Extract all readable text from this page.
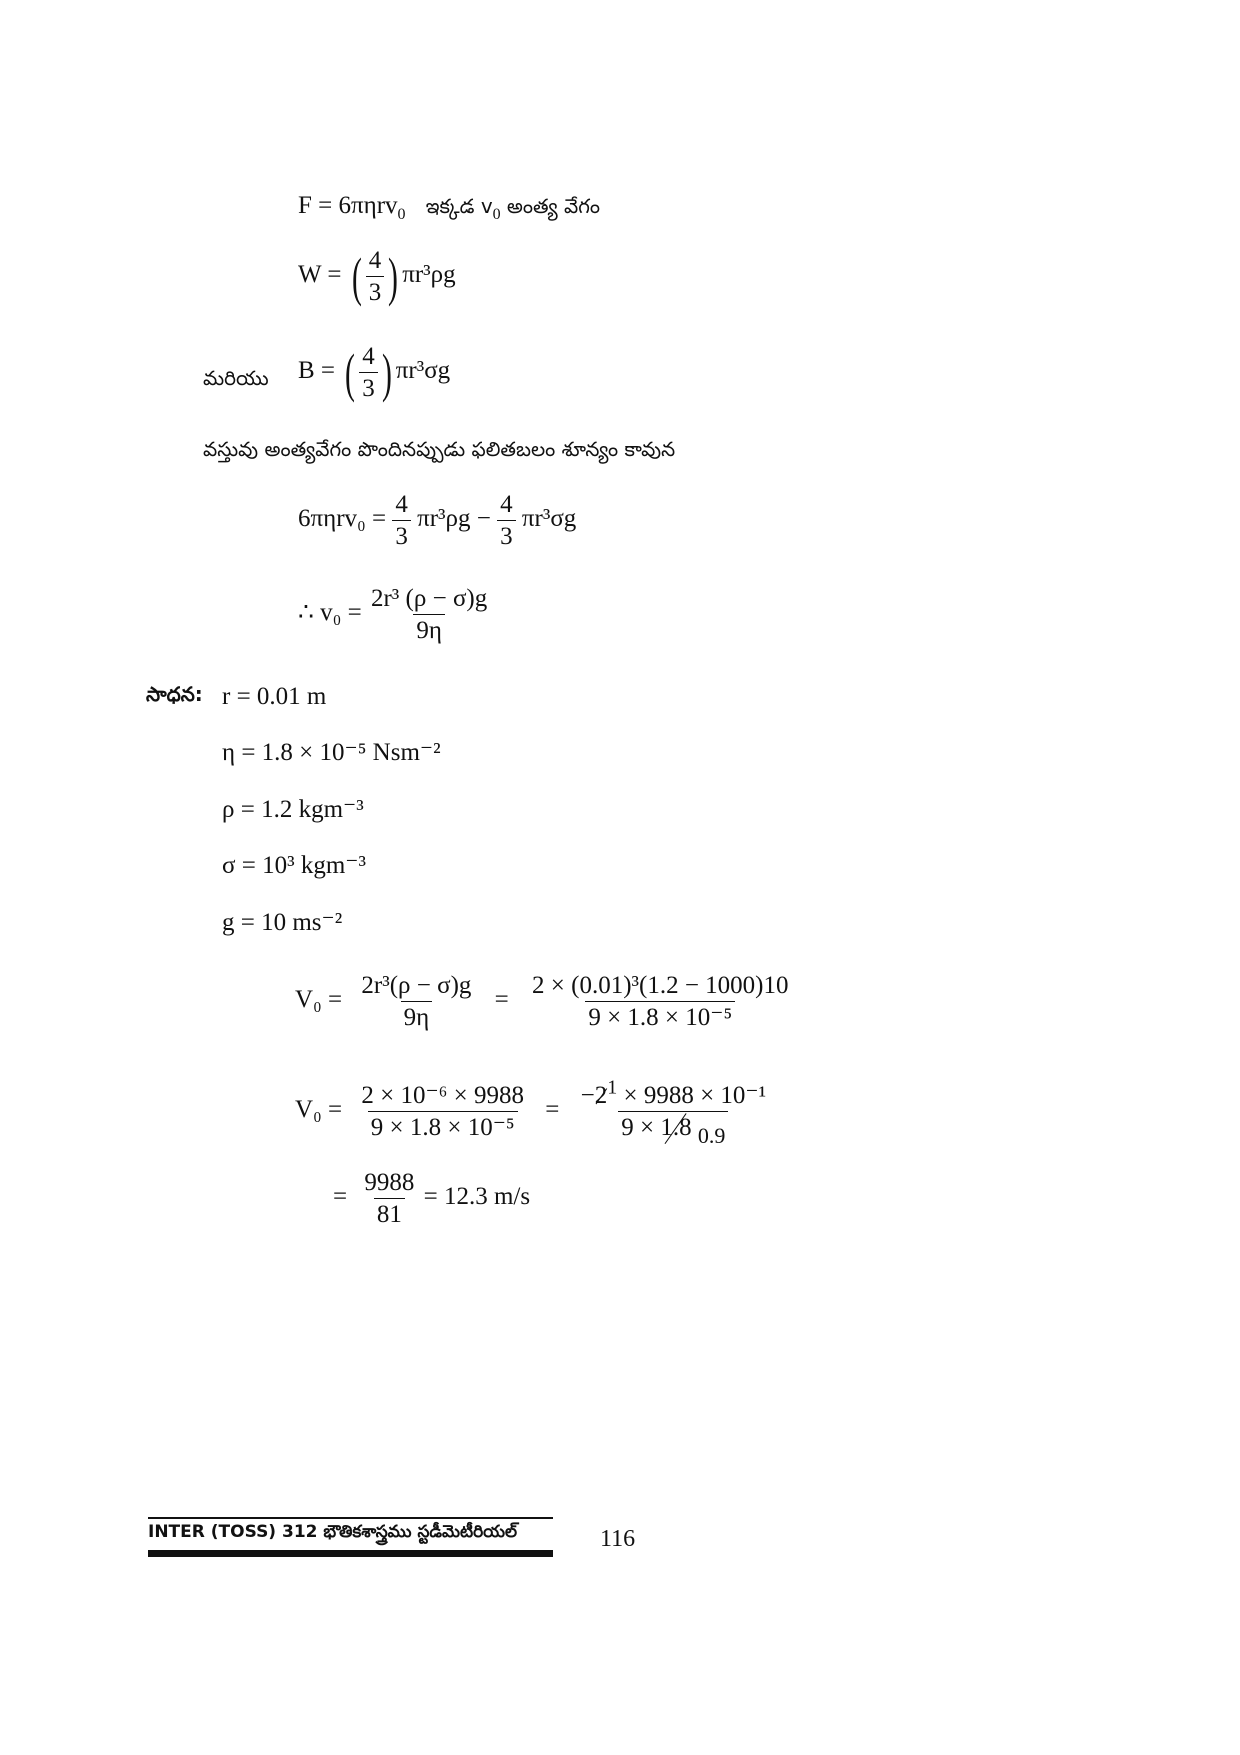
F = 6πηrv$_0$ ఇక్కడ $v_0$ అంత్య వేగం
W = ( $\frac{4}{3}$ ) πr³ρg
మరియు B = ( $\frac{4}{3}$ ) πr³σg
వస్తువు అంత్యవేగం పొందినప్పుడు ఫలితబలం శూన్యం కావున
$6\pi\eta rv_0 = \frac{4}{3} \pi r^3\rho g - \frac{4}{3} \pi r^3\sigma g$
∴ $v_0 = \frac{\text{2r³ (ρ − σ)g}}{9\eta}$
సాధన: r = 0.01 m
η = 1.8 × 10⁻⁵ Nsm⁻²
ρ = 1.2 kgm⁻³
σ = 10³ kgm⁻³
g = 10 ms⁻²
$V_0 = \frac{\text{2r³(ρ − σ)g}}{9\eta} = \frac{\text{2 × (0.01)³(1.2 − 1000)10}}{\text{9 × 1.8 × 10⁻⁵}}$
$V_0 = \frac{\text{2 × 10⁻⁶ × 9988}}{\text{9 × 1.8 × 10⁻⁵}} = \frac{-2^1 \times 9988 \times 10^{-1}}{9 \times 1.8 0.9}$
= $\frac{9988}{81} = 12.3$ m/s
INTER (TOSS) 312 భౌతికశాస్త్రము స్టడీమెటీరియల్	116
